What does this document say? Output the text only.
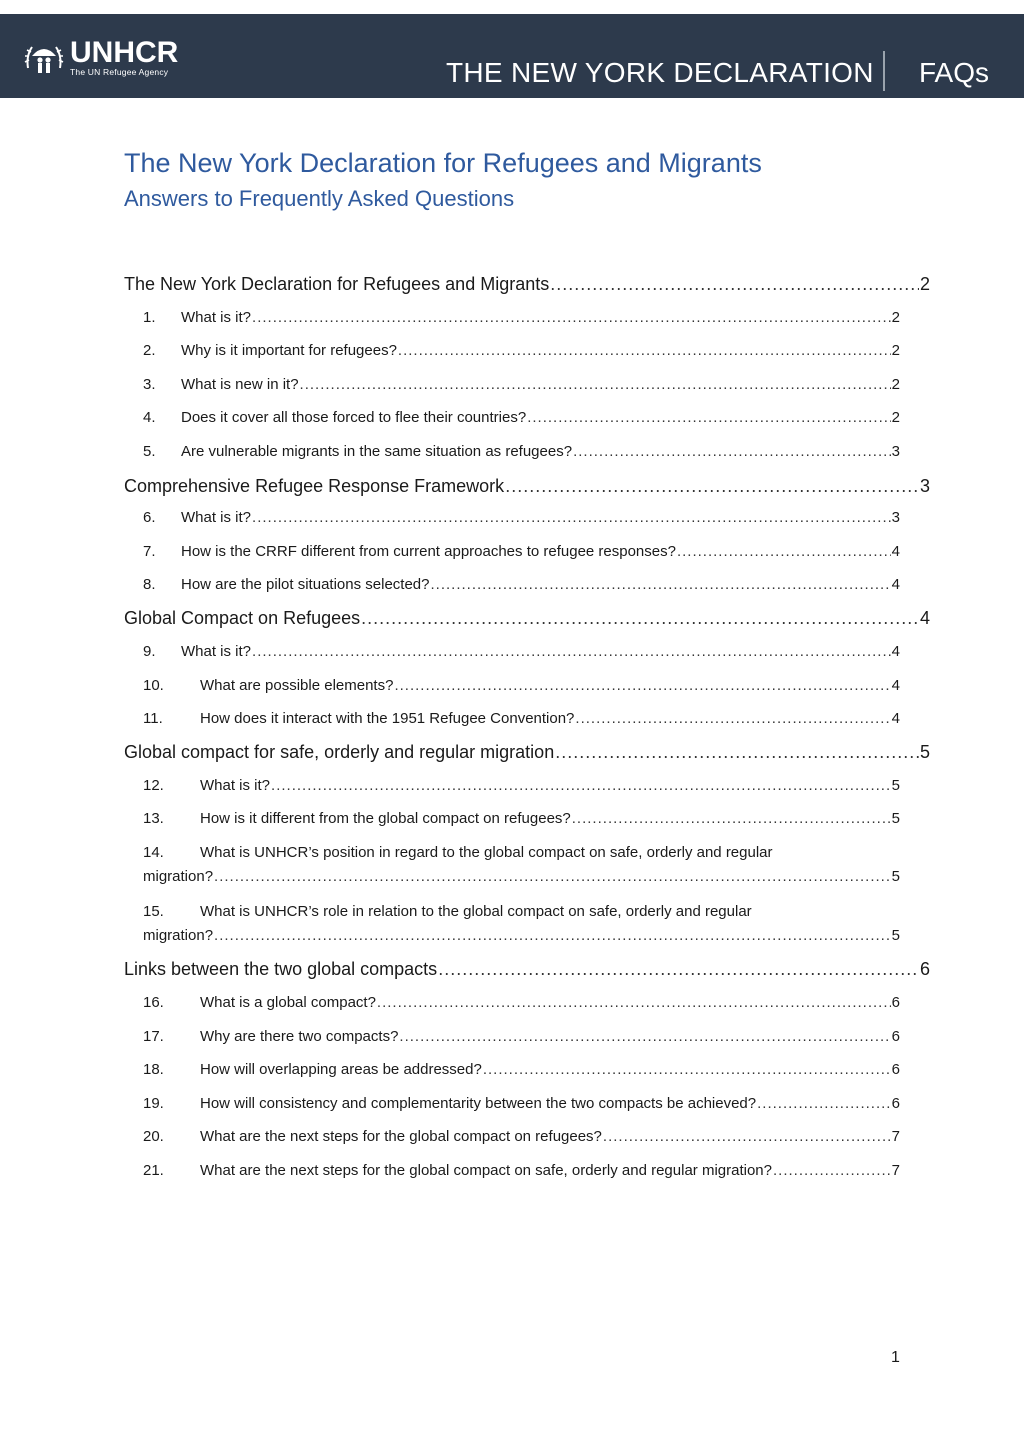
UNHCR
The UN Refugee Agency	THE NEW YORK DECLARATION FAQs
The New York Declaration for Refugees and Migrants
Answers to Frequently Asked Questions
The New York Declaration for Refugees and Migrants .....	2
1.	What is it? .....	2
2.	Why is it important for refugees? .....	2
3.	What is new in it? .....	2
4.	Does it cover all those forced to flee their countries? .....	2
5.	Are vulnerable migrants in the same situation as refugees? .....	3
Comprehensive Refugee Response Framework .....	3
6.	What is it? .....	3
7.	How is the CRRF different from current approaches to refugee responses? .....	4
8.	How are the pilot situations selected? .....	4
Global Compact on Refugees .....	4
9.	What is it? .....	4
10.	What are possible elements? .....	4
11.	How does it interact with the 1951 Refugee Convention? .....	4
Global compact for safe, orderly and regular migration .....	5
12.	What is it? .....	5
13.	How is it different from the global compact on refugees? .....	5
14. What is UNHCR’s position in regard to the global compact on safe, orderly and regular
migration? .....	5
15. What is UNHCR’s role in relation to the global compact on safe, orderly and regular
migration? .....	5
Links between the two global compacts .....	6
16.	What is a global compact? .....	6
17.	Why are there two compacts? .....	6
18.	How will overlapping areas be addressed? .....	6
19.	How will consistency and complementarity between the two compacts be achieved? .....	6
20.	What are the next steps for the global compact on refugees? .....	7
21.	What are the next steps for the global compact on safe, orderly and regular migration? .....	7
1
